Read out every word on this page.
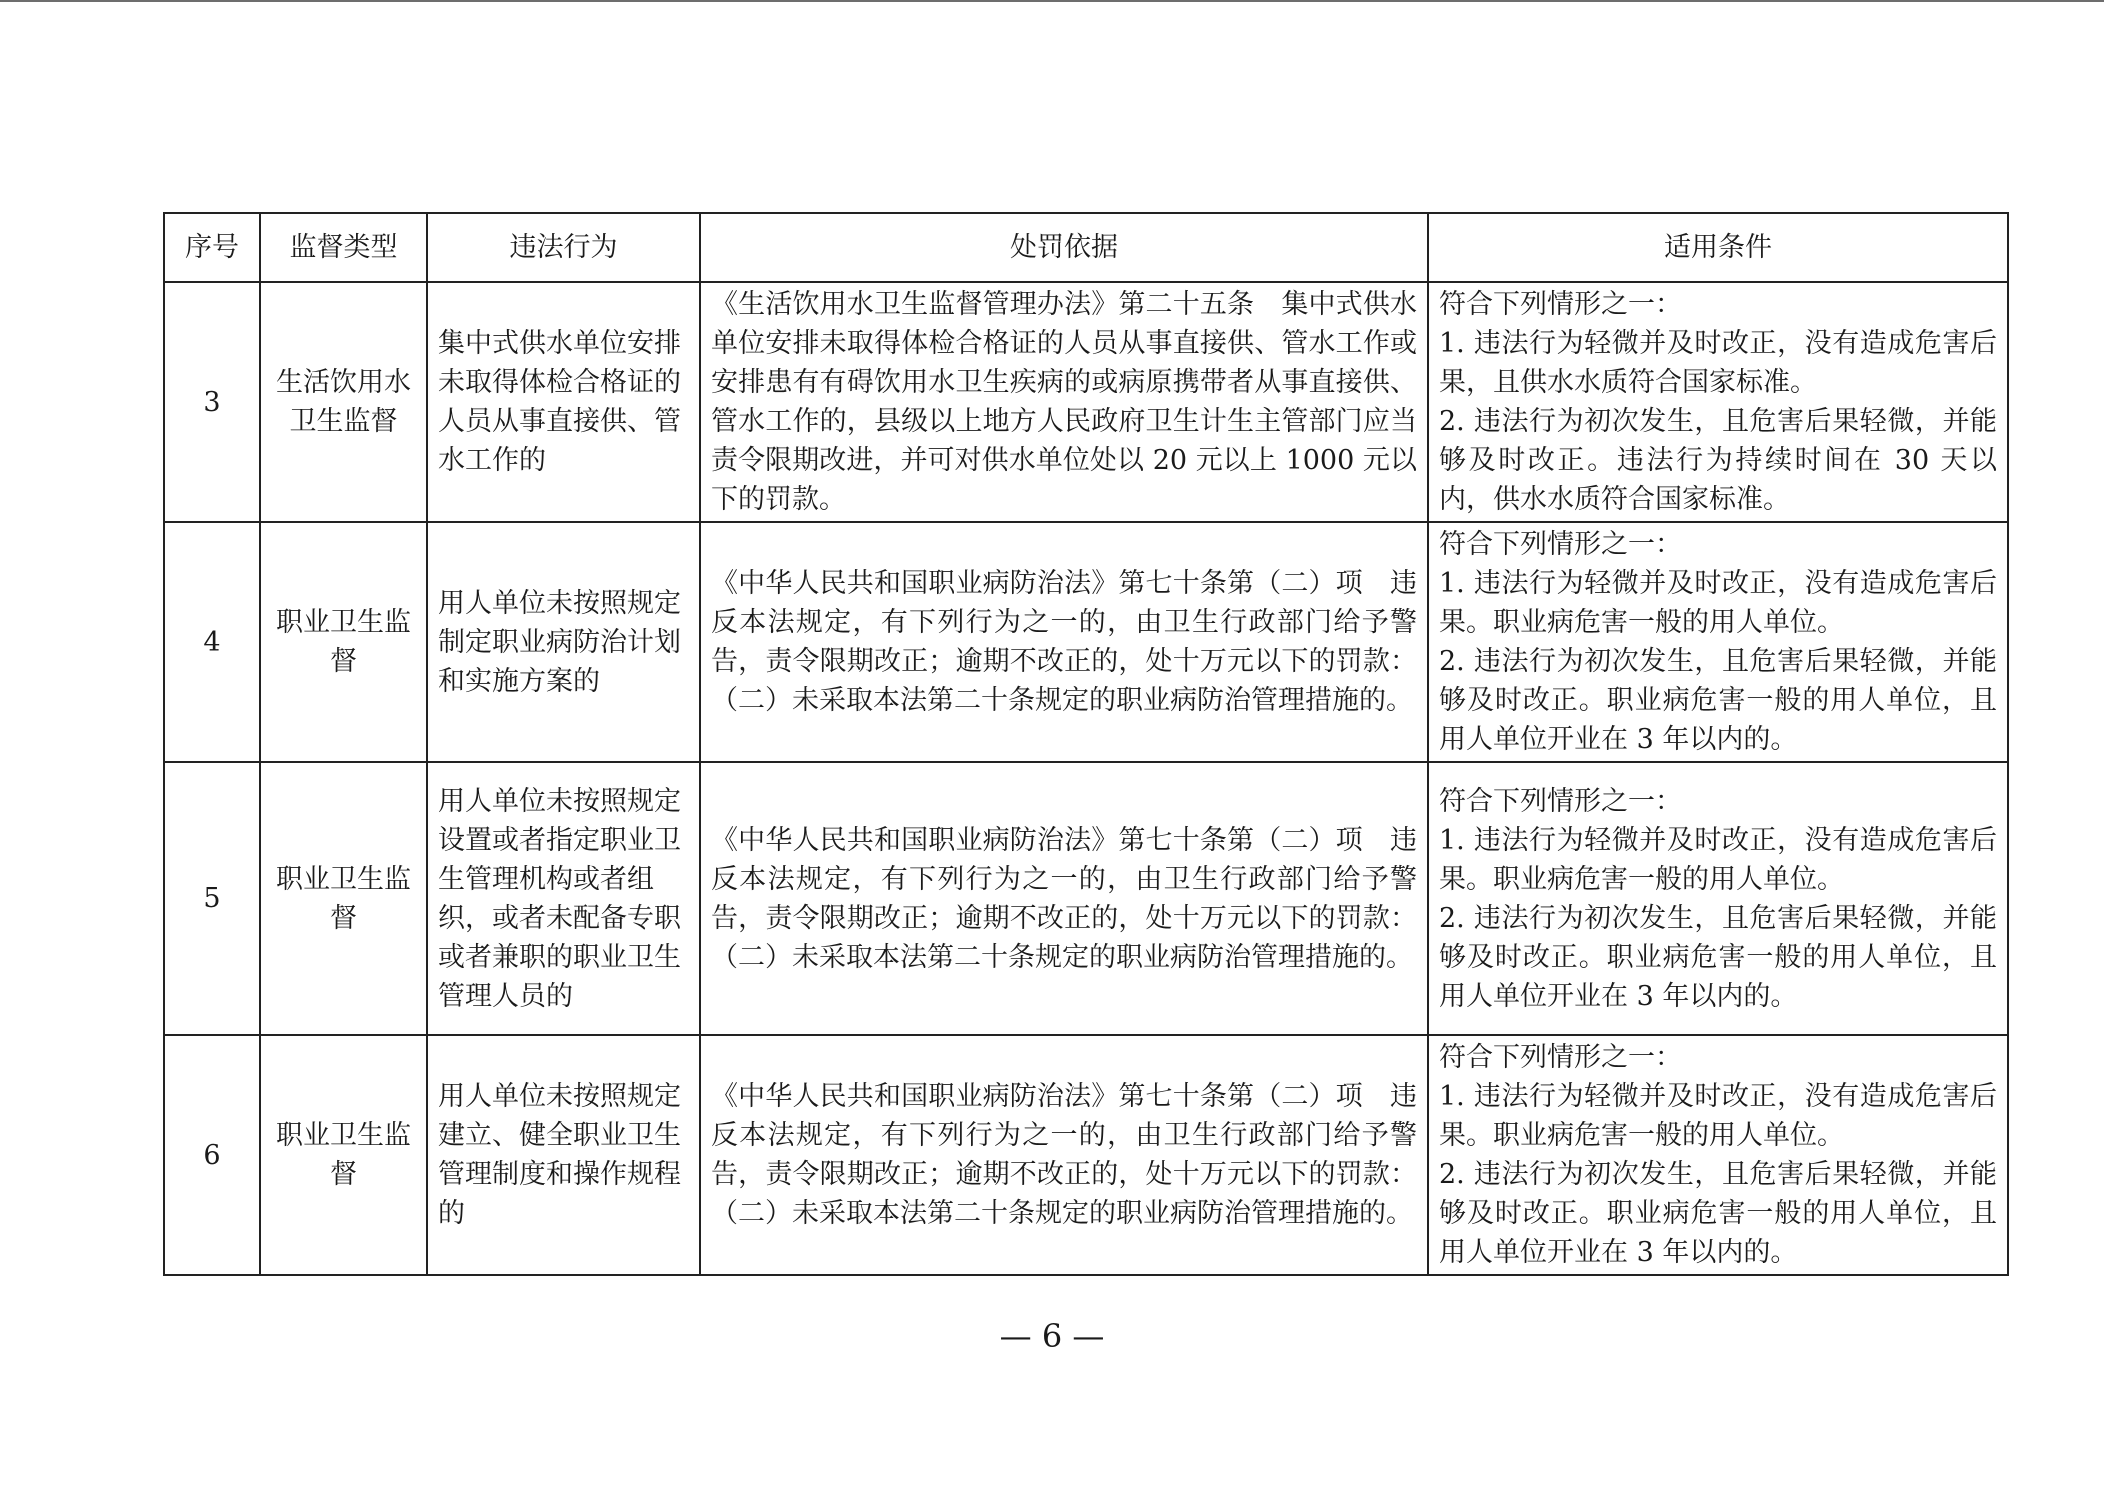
序号	监督类型	违法行为	处罚依据	适用条件
3	生活饮用水卫生监督	集中式供水单位安排未取得体检合格证的人员从事直接供、管水工作的	《生活饮用水卫生监督管理办法》第二十五条　集中式供水单位安排未取得体检合格证的人员从事直接供、管水工作或安排患有有碍饮用水卫生疾病的或病原携带者从事直接供、管水工作的，县级以上地方人民政府卫生计生主管部门应当责令限期改进，并可对供水单位处以 20 元以上 1000 元以下的罚款。	符合下列情形之一：
1. 违法行为轻微并及时改正，没有造成危害后果，且供水水质符合国家标准。
2. 违法行为初次发生，且危害后果轻微，并能够及时改正。违法行为持续时间在 30 天以内，供水水质符合国家标准。
4	职业卫生监督	用人单位未按照规定制定职业病防治计划和实施方案的	《中华人民共和国职业病防治法》第七十条第（二）项　违反本法规定，有下列行为之一的，由卫生行政部门给予警告，责令限期改正；逾期不改正的，处十万元以下的罚款：（二）未采取本法第二十条规定的职业病防治管理措施的。	符合下列情形之一：
1. 违法行为轻微并及时改正，没有造成危害后果。职业病危害一般的用人单位。
2. 违法行为初次发生，且危害后果轻微，并能够及时改正。职业病危害一般的用人单位，且用人单位开业在 3 年以内的。
5	职业卫生监督	用人单位未按照规定设置或者指定职业卫生管理机构或者组织，或者未配备专职或者兼职的职业卫生管理人员的	《中华人民共和国职业病防治法》第七十条第（二）项　违反本法规定，有下列行为之一的，由卫生行政部门给予警告，责令限期改正；逾期不改正的，处十万元以下的罚款：（二）未采取本法第二十条规定的职业病防治管理措施的。	符合下列情形之一：
1. 违法行为轻微并及时改正，没有造成危害后果。职业病危害一般的用人单位。
2. 违法行为初次发生，且危害后果轻微，并能够及时改正。职业病危害一般的用人单位，且用人单位开业在 3 年以内的。
6	职业卫生监督	用人单位未按照规定建立、健全职业卫生管理制度和操作规程的	《中华人民共和国职业病防治法》第七十条第（二）项　违反本法规定，有下列行为之一的，由卫生行政部门给予警告，责令限期改正；逾期不改正的，处十万元以下的罚款：（二）未采取本法第二十条规定的职业病防治管理措施的。	符合下列情形之一：
1. 违法行为轻微并及时改正，没有造成危害后果。职业病危害一般的用人单位。
2. 违法行为初次发生，且危害后果轻微，并能够及时改正。职业病危害一般的用人单位，且用人单位开业在 3 年以内的。
— 6 —
